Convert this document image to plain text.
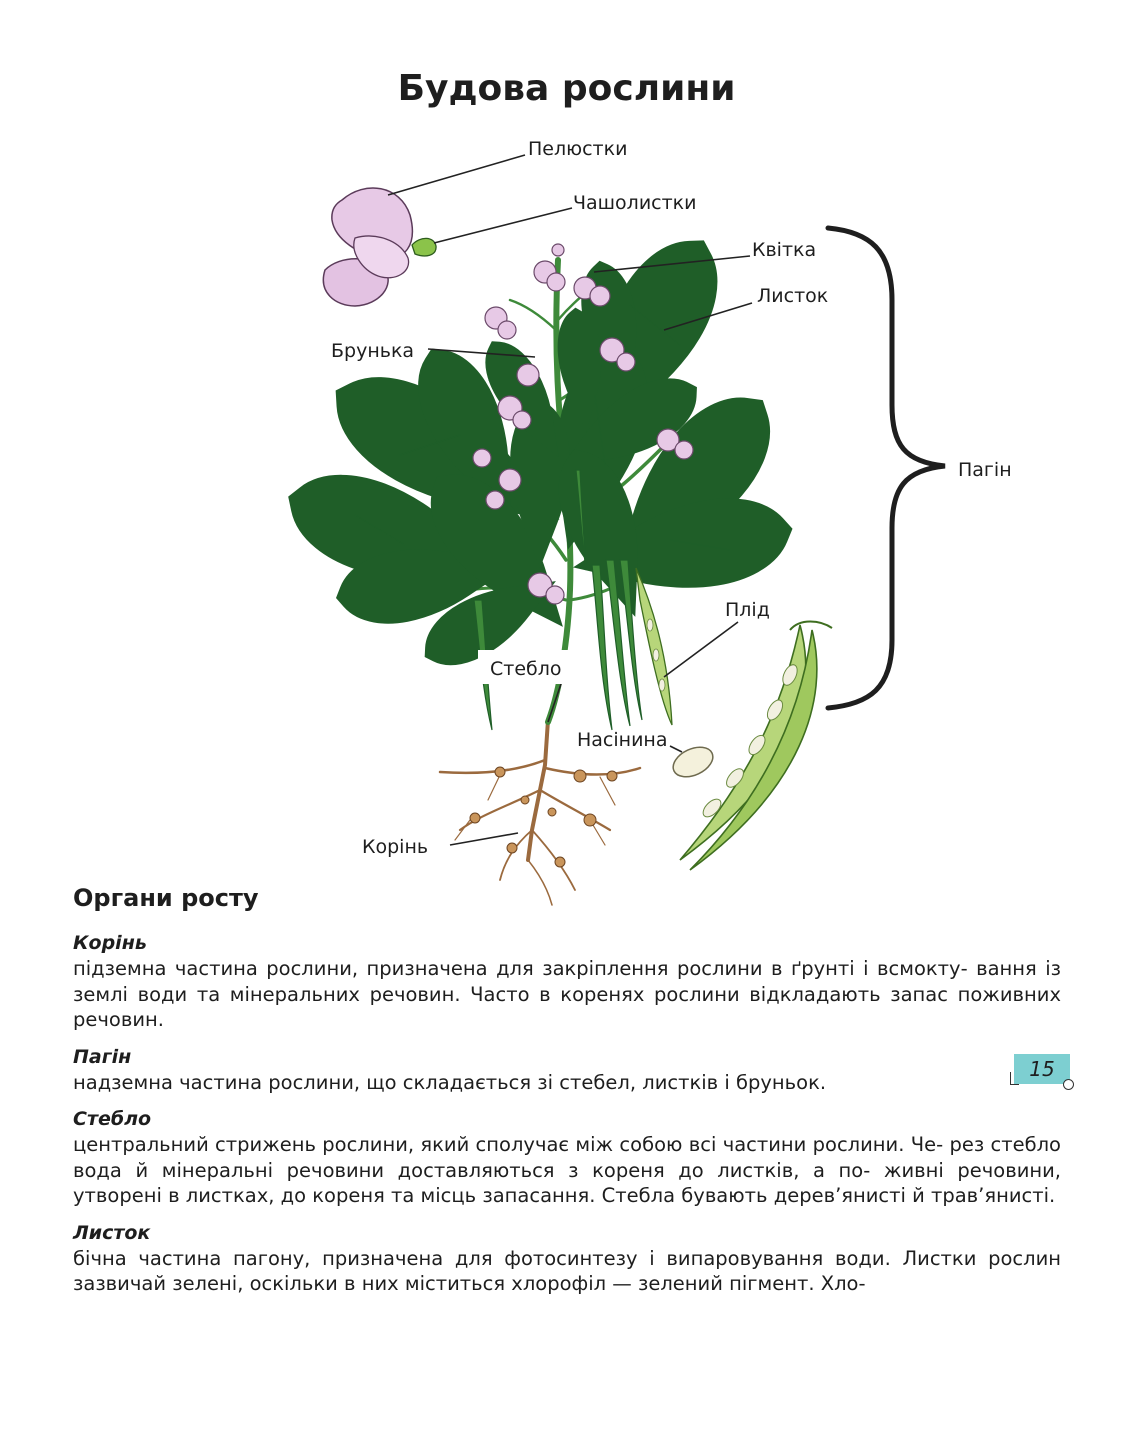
Будова рослини
Пелюстки
Чашолистки
Квітка
Листок
Брунька
Пагін
Плід
Стебло
Насінина
Корінь
Органи росту

Корінь

підземна частина рослини, призначена для закріплення рослини в ґрунті і всмокту- вання із землі води та мінеральних речовин. Часто в коренях рослини відкладають запас поживних речовин.

Пагін

надземна частина рослини, що складається зі стебел, листків і бруньок.

Стебло

центральний стрижень рослини, який сполучає між собою всі частини рослини. Че- рез стебло вода й мінеральні речовини доставляються з кореня до листків, а по- живні речовини, утворені в листках, до кореня та місць запасання. Стебла бувають дерев’янисті й трав’янисті.

Листок

бічна частина пагону, призначена для фотосинтезу і випаровування води. Листки рослин зазвичай зелені, оскільки в них міститься хлорофіл — зелений пігмент. Хло-

15
